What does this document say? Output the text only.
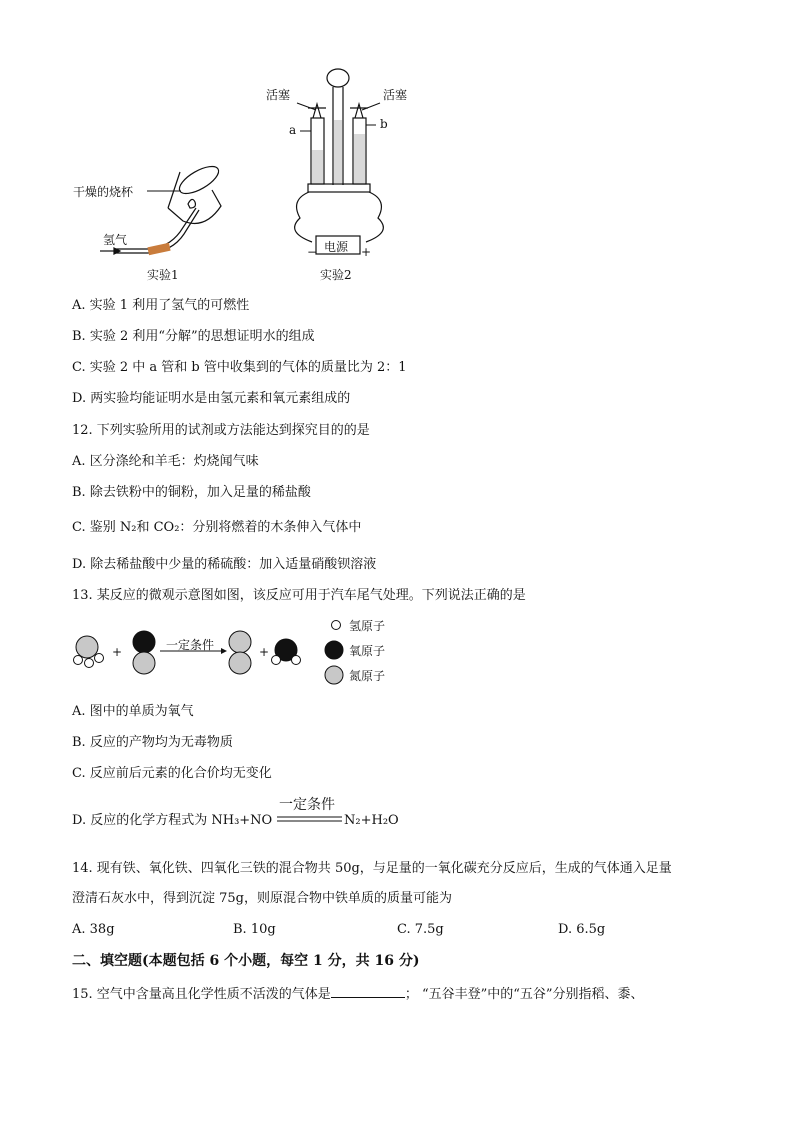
活塞	活塞
a	b
干燥的烧杯
氢气	电源
−	+
实验1	实验2
A. 实验 1 利用了氢气的可燃性
B. 实验 2 利用“分解”的思想证明水的组成
C. 实验 2 中 a 管和 b 管中收集到的气体的质量比为 2：1
D. 两实验均能证明水是由氢元素和氧元素组成的
12. 下列实验所用的试剂或方法能达到探究目的的是
A. 区分涤纶和羊毛：灼烧闻气味
B. 除去铁粉中的铜粉，加入足量的稀盐酸
C. 鉴别 N₂和 CO₂：分别将燃着的木条伸入气体中
D. 除去稀盐酸中少量的稀硫酸：加入适量硝酸钡溶液
13. 某反应的微观示意图如图，该反应可用于汽车尾气处理。下列说法正确的是
+	+
一定条件
氢原子
氧原子
氮原子
A. 图中的单质为氧气
B. 反应的产物均为无毒物质
C. 反应前后元素的化合价均无变化
D. 反应的化学方程式为 NH₃+NO
一定条件
N₂+H₂O
14. 现有铁、氧化铁、四氧化三铁的混合物共 50g，与足量的一氧化碳充分反应后，生成的气体通入足量
澄清石灰水中，得到沉淀 75g，则原混合物中铁单质的质量可能为
A. 38g	B. 10g	C. 7.5g	D. 6.5g
二、填空题(本题包括 6 个小题，每空 1 分，共 16 分)
15. 空气中含量高且化学性质不活泼的气体是	； “五谷丰登”中的“五谷”分别指稻、黍、
